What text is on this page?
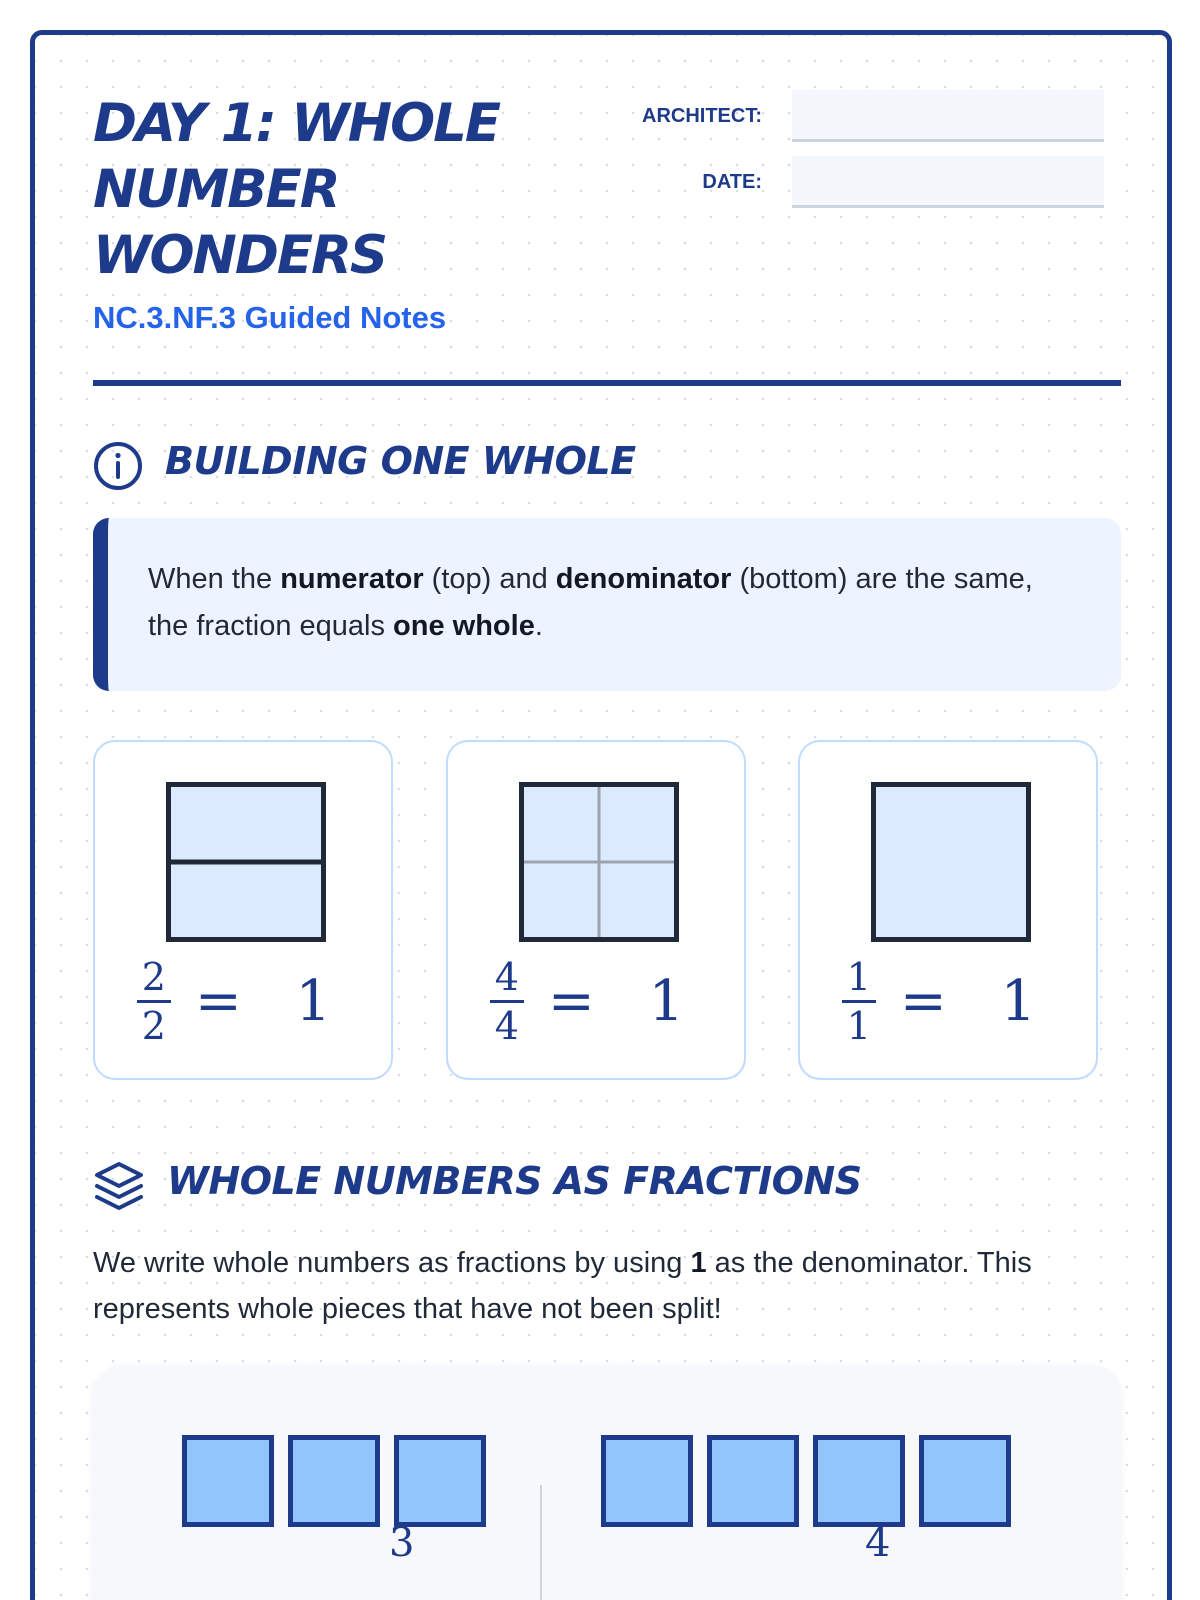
DAY 1: WHOLE NUMBER WONDERS
NC.3.NF.3 Guided Notes
ARCHITECT:
DATE:
BUILDING ONE WHOLE
When the numerator (top) and denominator (bottom) are the same, the fraction equals one whole.
$\frac{2}{2} = 1$	$\frac{4}{4} = 1$	$\frac{1}{1} = 1$
WHOLE NUMBERS AS FRACTIONS
We write whole numbers as fractions by using 1 as the denominator. This represents whole pieces that have not been split!
3	4
